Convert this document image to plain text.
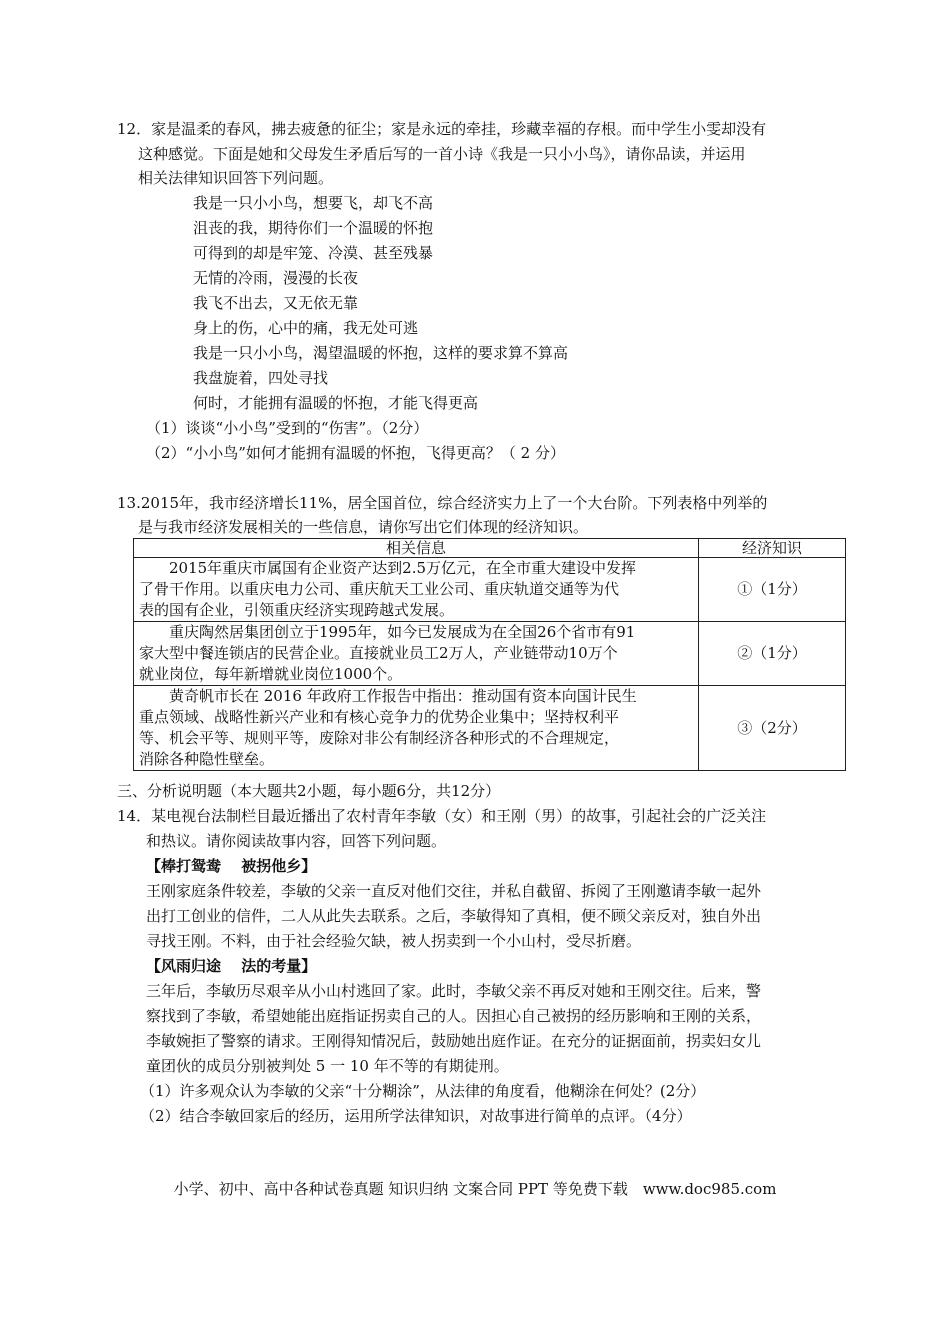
12．家是温柔的春风，拂去疲惫的征尘；家是永远的牵挂，珍藏幸福的存根。而中学生小雯却没有
这种感觉。下面是她和父母发生矛盾后写的一首小诗《我是一只小小鸟》，请你品读，并运用
相关法律知识回答下列问题。
我是一只小小鸟，想要飞，却飞不高
沮丧的我，期待你们一个温暖的怀抱
可得到的却是牢笼、冷漠、甚至残暴
无情的冷雨，漫漫的长夜
我飞不出去，又无依无靠
身上的伤，心中的痛，我无处可逃
我是一只小小鸟，渴望温暖的怀抱，这样的要求算不算高
我盘旋着，四处寻找
何时，才能拥有温暖的怀抱，才能飞得更高
（1）谈谈“小小鸟”受到的“伤害”。（2分）
（2）“小小鸟”如何才能拥有温暖的怀抱，飞得更高？（ 2 分）
13.2015年，我市经济增长11%，居全国首位，综合经济实力上了一个大台阶。下列表格中列举的
是与我市经济发展相关的一些信息，请你写出它们体现的经济知识。
相关信息	经济知识

　　2015年重庆市属国有企业资产达到2.5万亿元，在全市重大建设中发挥
了骨干作用。以重庆电力公司、重庆航天工业公司、重庆轨道交通等为代
表的国有企业，引领重庆经济实现跨越式发展。	①（1分）

　　重庆陶然居集团创立于1995年，如今已发展成为在全国26个省市有91
家大型中餐连锁店的民营企业。直接就业员工2万人，产业链带动10万个
就业岗位，每年新增就业岗位1000个。	②（1分）

　　黄奇帆市长在 2016 年政府工作报告中指出：推动国有资本向国计民生
重点领域、战略性新兴产业和有核心竞争力的优势企业集中；坚持权利平
等、机会平等、规则平等，废除对非公有制经济各种形式的不合理规定，
消除各种隐性壁垒。	③（2分）
三、分析说明题（本大题共2小题，每小题6分，共12分）
14．某电视台法制栏目最近播出了农村青年李敏（女）和王刚（男）的故事，引起社会的广泛关注
和热议。请你阅读故事内容，回答下列问题。
【棒打鸳鸯　 被拐他乡】
王刚家庭条件较差，李敏的父亲一直反对他们交往，并私自截留、拆阅了王刚邀请李敏一起外
出打工创业的信件，二人从此失去联系。之后，李敏得知了真相，便不顾父亲反对，独自外出
寻找王刚。不料，由于社会经验欠缺，被人拐卖到一个小山村，受尽折磨。
【风雨归途　 法的考量】
三年后，李敏历尽艰辛从小山村逃回了家。此时，李敏父亲不再反对她和王刚交往。后来，警
察找到了李敏，希望她能出庭指证拐卖自己的人。因担心自己被拐的经历影响和王刚的关系，
李敏婉拒了警察的请求。王刚得知情况后，鼓励她出庭作证。在充分的证据面前，拐卖妇女儿
童团伙的成员分别被判处 5 一 10 年不等的有期徒刑。
（1）许多观众认为李敏的父亲“十分糊涂”，从法律的角度看，他糊涂在何处？(2分）
（2）结合李敏回家后的经历，运用所学法律知识，对故事进行简单的点评。（4分）
小学、初中、高中各种试卷真题 知识归纳 文案合同 PPT 等免费下载　www.doc985.com
